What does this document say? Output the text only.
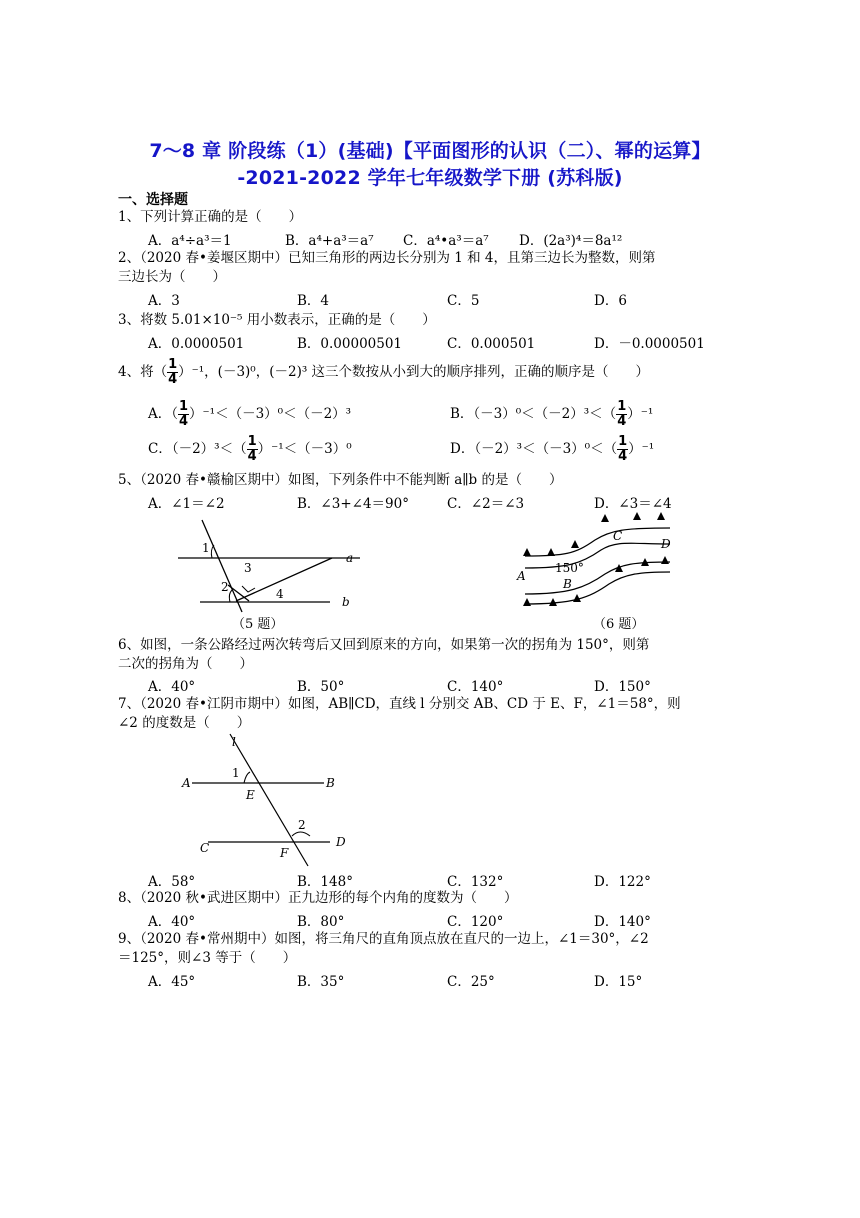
7～8 章 阶段练（1）(基础)【平面图形的认识（二）、幂的运算】
-2021-2022 学年七年级数学下册 (苏科版)
一、选择题
1、下列计算正确的是（　　）
A．a⁴÷a³＝1	B．a⁴+a³＝a⁷ C．a⁴•a³＝a⁷ D．(2a³)⁴＝8a¹²
2、（2020 春•姜堰区期中）已知三角形的两边长分别为 1 和 4，且第三边长为整数，则第
三边长为（　　）
A．3	B．4	C．5	D．6
3、将数 5.01×10⁻⁵ 用小数表示，正确的是（　　）
A．0.0000501	B．0.00000501	C．0.000501	D．－0.0000501
4、将（ $\frac{1}{4} )^{-1}$，(－3)⁰，(－2)³ 这三个数按从小到大的顺序排列，正确的顺序是（　　）
A．（ $\frac{1}{4} )^{-1}<(-3)^0<(-2)^3$	B．$(-3)^0<(-2)^3<( \frac{1}{4} )^{-1}$
C．$(-2)^3<( \frac{1}{4} )^{-1}<(-3)^0$	D．$(-2)^3<(-3)^0<( \frac{1}{4} )^{-1}$
5、（2020 春•赣榆区期中）如图，下列条件中不能判断 a∥b 的是（　　）
A．∠1＝∠2	B．∠3+∠4＝90°	C．∠2＝∠3	D．∠3＝∠4
1
3
2	4
a
b
（5 题）
C
D
A
B
150°
（6 题）
6、如图，一条公路经过两次转弯后又回到原来的方向，如果第一次的拐角为 150°，则第
二次的拐角为（　　）
A．40°	B．50°	C．140°	D．150°
7、（2020 春•江阴市期中）如图，AB∥CD，直线 l 分别交 AB、CD 于 E、F，∠1＝58°，则
∠2 的度数是（　　）
l
1
2
A	B
C	D
E
F
A．58°	B．148°	C．132°	D．122°
8、（2020 秋•武进区期中）正九边形的每个内角的度数为（　　）
A．40°	B．80°	C．120°	D．140°
9、（2020 春•常州期中）如图，将三角尺的直角顶点放在直尺的一边上，∠1＝30°，∠2
＝125°，则∠3 等于（　　）
A．45°	B．35°	C．25°	D．15°
